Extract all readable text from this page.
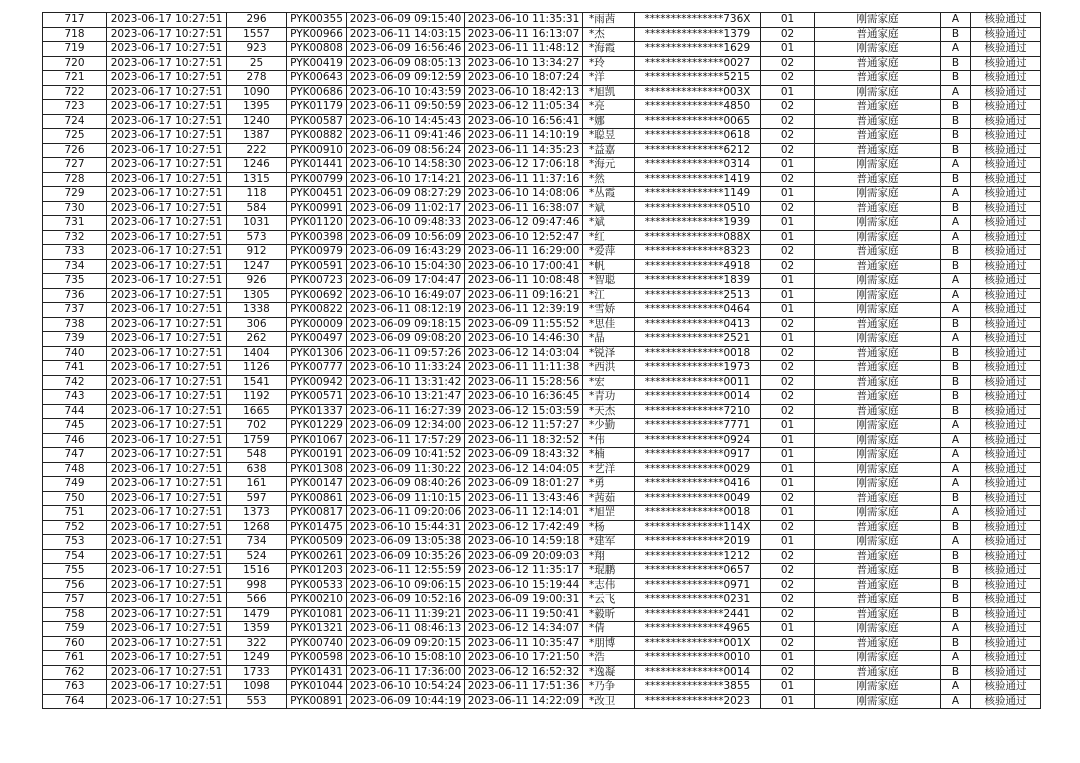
717	2023-06-17 10:27:51	296	PYK00355	2023-06-09 09:15:40	2023-06-10 11:35:31	*雨茜	***************736X	01	刚需家庭	A	核验通过
718	2023-06-17 10:27:51	1557	PYK00966	2023-06-11 14:03:15	2023-06-11 16:13:07	*杰	***************1379	02	普通家庭	B	核验通过
719	2023-06-17 10:27:51	923	PYK00808	2023-06-09 16:56:46	2023-06-11 11:48:12	*海霞	***************1629	01	刚需家庭	A	核验通过
720	2023-06-17 10:27:51	25	PYK00419	2023-06-09 08:05:13	2023-06-10 13:34:27	*玲	***************0027	02	普通家庭	B	核验通过
721	2023-06-17 10:27:51	278	PYK00643	2023-06-09 09:12:59	2023-06-10 18:07:24	*洋	***************5215	02	普通家庭	B	核验通过
722	2023-06-17 10:27:51	1090	PYK00686	2023-06-10 10:43:59	2023-06-10 18:42:13	*旭凯	***************003X	01	刚需家庭	A	核验通过
723	2023-06-17 10:27:51	1395	PYK01179	2023-06-11 09:50:59	2023-06-12 11:05:34	*亮	***************4850	02	普通家庭	B	核验通过
724	2023-06-17 10:27:51	1240	PYK00587	2023-06-10 14:45:43	2023-06-10 16:56:41	*娜	***************0065	02	普通家庭	B	核验通过
725	2023-06-17 10:27:51	1387	PYK00882	2023-06-11 09:41:46	2023-06-11 14:10:19	*聪昱	***************0618	02	普通家庭	B	核验通过
726	2023-06-17 10:27:51	222	PYK00910	2023-06-09 08:56:24	2023-06-11 14:35:23	*益嘉	***************6212	02	普通家庭	B	核验通过
727	2023-06-17 10:27:51	1246	PYK01441	2023-06-10 14:58:30	2023-06-12 17:06:18	*海元	***************0314	01	刚需家庭	A	核验通过
728	2023-06-17 10:27:51	1315	PYK00799	2023-06-10 17:14:21	2023-06-11 11:37:16	*然	***************1419	02	普通家庭	B	核验通过
729	2023-06-17 10:27:51	118	PYK00451	2023-06-09 08:27:29	2023-06-10 14:08:06	*丛霞	***************1149	01	刚需家庭	A	核验通过
730	2023-06-17 10:27:51	584	PYK00991	2023-06-09 11:02:17	2023-06-11 16:38:07	*斌	***************0510	02	普通家庭	B	核验通过
731	2023-06-17 10:27:51	1031	PYK01120	2023-06-10 09:48:33	2023-06-12 09:47:46	*斌	***************1939	01	刚需家庭	A	核验通过
732	2023-06-17 10:27:51	573	PYK00398	2023-06-09 10:56:09	2023-06-10 12:52:47	*红	***************088X	01	刚需家庭	A	核验通过
733	2023-06-17 10:27:51	912	PYK00979	2023-06-09 16:43:29	2023-06-11 16:29:00	*爱萍	***************8323	02	普通家庭	B	核验通过
734	2023-06-17 10:27:51	1247	PYK00591	2023-06-10 15:04:30	2023-06-10 17:00:41	*帆	***************4918	02	普通家庭	B	核验通过
735	2023-06-17 10:27:51	926	PYK00723	2023-06-09 17:04:47	2023-06-11 10:08:48	*智聪	***************1839	01	刚需家庭	A	核验通过
736	2023-06-17 10:27:51	1305	PYK00692	2023-06-10 16:49:07	2023-06-11 09:16:21	*江	***************2513	01	刚需家庭	A	核验通过
737	2023-06-17 10:27:51	1338	PYK00822	2023-06-11 08:12:19	2023-06-11 12:39:19	*雪娇	***************0464	01	刚需家庭	A	核验通过
738	2023-06-17 10:27:51	306	PYK00009	2023-06-09 09:18:15	2023-06-09 11:55:52	*思佳	***************0413	02	普通家庭	B	核验通过
739	2023-06-17 10:27:51	262	PYK00497	2023-06-09 09:08:20	2023-06-10 14:46:30	*晶	***************2521	01	刚需家庭	A	核验通过
740	2023-06-17 10:27:51	1404	PYK01306	2023-06-11 09:57:26	2023-06-12 14:03:04	*锐泽	***************0018	02	普通家庭	B	核验通过
741	2023-06-17 10:27:51	1126	PYK00777	2023-06-10 11:33:24	2023-06-11 11:11:38	*西洪	***************1973	02	普通家庭	B	核验通过
742	2023-06-17 10:27:51	1541	PYK00942	2023-06-11 13:31:42	2023-06-11 15:28:56	*宏	***************0011	02	普通家庭	B	核验通过
743	2023-06-17 10:27:51	1192	PYK00571	2023-06-10 13:21:47	2023-06-10 16:36:45	*青功	***************0014	02	普通家庭	B	核验通过
744	2023-06-17 10:27:51	1665	PYK01337	2023-06-11 16:27:39	2023-06-12 15:03:59	*天杰	***************7210	02	普通家庭	B	核验通过
745	2023-06-17 10:27:51	702	PYK01229	2023-06-09 12:34:00	2023-06-12 11:57:27	*少勤	***************7771	01	刚需家庭	A	核验通过
746	2023-06-17 10:27:51	1759	PYK01067	2023-06-11 17:57:29	2023-06-11 18:32:52	*伟	***************0924	01	刚需家庭	A	核验通过
747	2023-06-17 10:27:51	548	PYK00191	2023-06-09 10:41:52	2023-06-09 18:43:32	*楠	***************0917	01	刚需家庭	A	核验通过
748	2023-06-17 10:27:51	638	PYK01308	2023-06-09 11:30:22	2023-06-12 14:04:05	*艺洋	***************0029	01	刚需家庭	A	核验通过
749	2023-06-17 10:27:51	161	PYK00147	2023-06-09 08:40:26	2023-06-09 18:01:27	*勇	***************0416	01	刚需家庭	A	核验通过
750	2023-06-17 10:27:51	597	PYK00861	2023-06-09 11:10:15	2023-06-11 13:43:46	*茜茹	***************0049	02	普通家庭	B	核验通过
751	2023-06-17 10:27:51	1373	PYK00817	2023-06-11 09:20:06	2023-06-11 12:14:01	*旭罡	***************0018	01	刚需家庭	A	核验通过
752	2023-06-17 10:27:51	1268	PYK01475	2023-06-10 15:44:31	2023-06-12 17:42:49	*杨	***************114X	02	普通家庭	B	核验通过
753	2023-06-17 10:27:51	734	PYK00509	2023-06-09 13:05:38	2023-06-10 14:59:18	*建军	***************2019	01	刚需家庭	A	核验通过
754	2023-06-17 10:27:51	524	PYK00261	2023-06-09 10:35:26	2023-06-09 20:09:03	*翔	***************1212	02	普通家庭	B	核验通过
755	2023-06-17 10:27:51	1516	PYK01203	2023-06-11 12:55:59	2023-06-12 11:35:17	*琨鹏	***************0657	02	普通家庭	B	核验通过
756	2023-06-17 10:27:51	998	PYK00533	2023-06-10 09:06:15	2023-06-10 15:19:44	*志伟	***************0971	02	普通家庭	B	核验通过
757	2023-06-17 10:27:51	566	PYK00210	2023-06-09 10:52:16	2023-06-09 19:00:31	*云飞	***************0231	02	普通家庭	B	核验通过
758	2023-06-17 10:27:51	1479	PYK01081	2023-06-11 11:39:21	2023-06-11 19:50:41	*毅昕	***************2441	02	普通家庭	B	核验通过
759	2023-06-17 10:27:51	1359	PYK01321	2023-06-11 08:46:13	2023-06-12 14:34:07	*倩	***************4965	01	刚需家庭	A	核验通过
760	2023-06-17 10:27:51	322	PYK00740	2023-06-09 09:20:15	2023-06-11 10:35:47	*朋博	***************001X	02	普通家庭	B	核验通过
761	2023-06-17 10:27:51	1249	PYK00598	2023-06-10 15:08:10	2023-06-10 17:21:50	*浩	***************0010	01	刚需家庭	A	核验通过
762	2023-06-17 10:27:51	1733	PYK01431	2023-06-11 17:36:00	2023-06-12 16:52:32	*逸凝	***************0014	02	普通家庭	B	核验通过
763	2023-06-17 10:27:51	1098	PYK01044	2023-06-10 10:54:24	2023-06-11 17:51:36	*乃争	***************3855	01	刚需家庭	A	核验通过
764	2023-06-17 10:27:51	553	PYK00891	2023-06-09 10:44:19	2023-06-11 14:22:09	*改卫	***************2023	01	刚需家庭	A	核验通过
